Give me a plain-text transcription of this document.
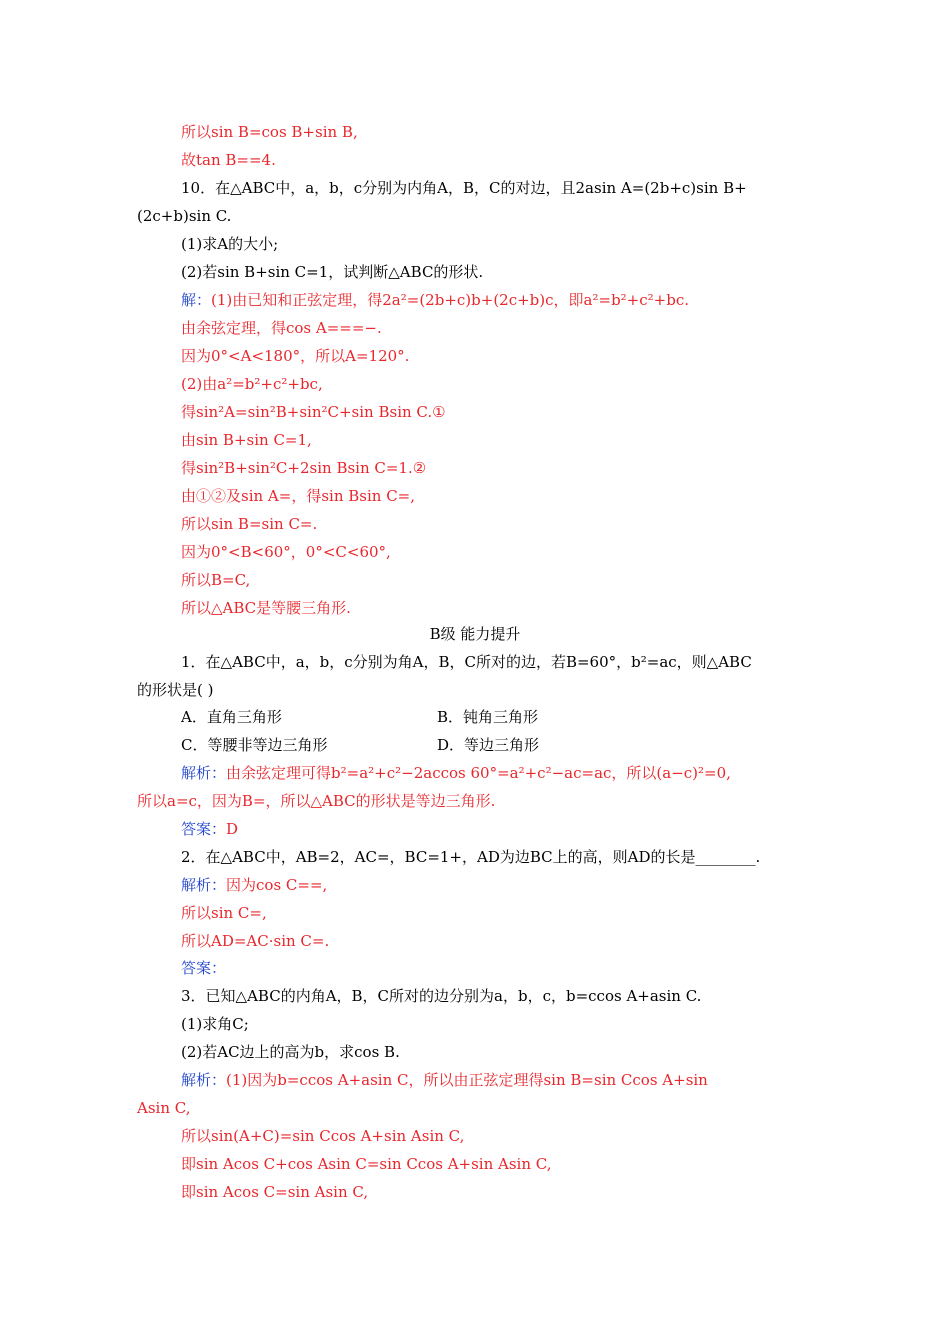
所以sin B=cos B+sin B,
故tan B==4.
10．在△ABC中，a，b，c分别为内角A，B，C的对边，且2asin A=(2b+c)sin B+
(2c+b)sin C.
(1)求A的大小;
(2)若sin B+sin C=1，试判断△ABC的形状.
解：(1)由已知和正弦定理，得2a²=(2b+c)b+(2c+b)c，即a²=b²+c²+bc.
由余弦定理，得cos A===−.
因为0°<A<180°，所以A=120°.
(2)由a²=b²+c²+bc,
得sin²A=sin²B+sin²C+sin Bsin C.①
由sin B+sin C=1,
得sin²B+sin²C+2sin Bsin C=1.②
由①②及sin A=，得sin Bsin C=,
所以sin B=sin C=.
因为0°<B<60°，0°<C<60°,
所以B=C,
所以△ABC是等腰三角形.
B级 能力提升
1．在△ABC中，a，b，c分别为角A，B，C所对的边，若B=60°，b²=ac，则△ABC
的形状是( )
A．直角三角形	B．钝角三角形
C．等腰非等边三角形	D．等边三角形
解析：由余弦定理可得b²=a²+c²−2accos 60°=a²+c²−ac=ac，所以(a−c)²=0,
所以a=c，因为B=，所以△ABC的形状是等边三角形.
答案：D
2．在△ABC中，AB=2，AC=，BC=1+，AD为边BC上的高，则AD的长是________.
解析：因为cos C==,
所以sin C=,
所以AD=AC·sin C=.
答案：
3．已知△ABC的内角A，B，C所对的边分别为a，b，c，b=ccos A+asin C.
(1)求角C;
(2)若AC边上的高为b，求cos B.
解析：(1)因为b=ccos A+asin C，所以由正弦定理得sin B=sin Ccos A+sin
Asin C,
所以sin(A+C)=sin Ccos A+sin Asin C,
即sin Acos C+cos Asin C=sin Ccos A+sin Asin C,
即sin Acos C=sin Asin C,
